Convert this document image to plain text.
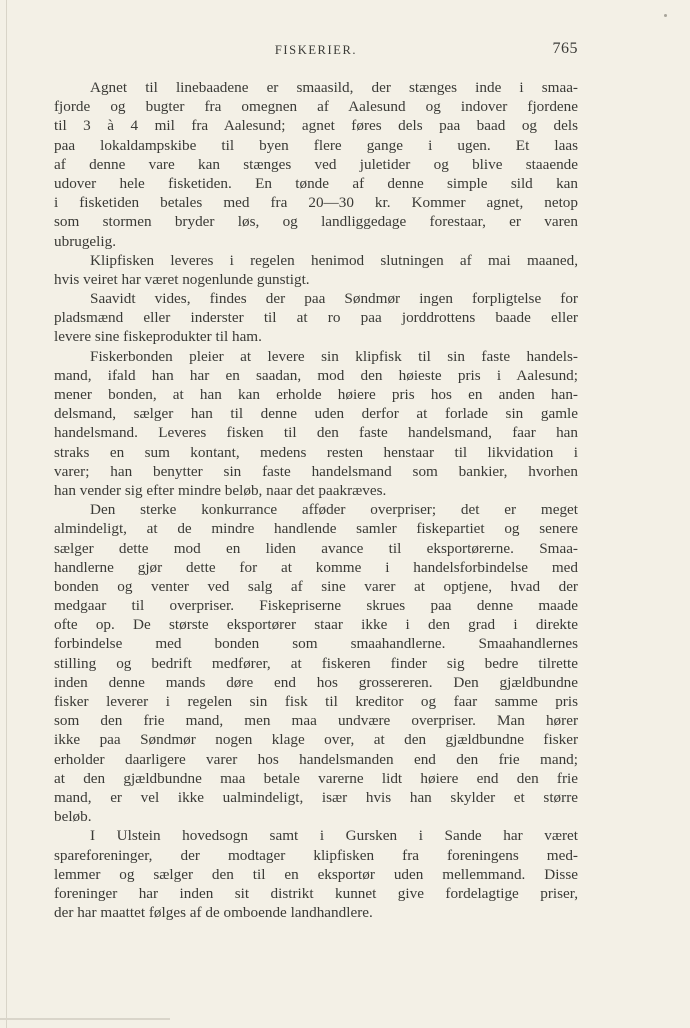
FISKERIER.	765
Agnet til linebaadene er smaasild, der stænges inde i smaa-
fjorde og bugter fra omegnen af Aalesund og indover fjordene
til 3 à 4 mil fra Aalesund; agnet føres dels paa baad og dels
paa lokaldampskibe til byen flere gange i ugen. Et laas
af denne vare kan stænges ved juletider og blive staaende
udover hele fisketiden. En tønde af denne simple sild kan
i fisketiden betales med fra 20—30 kr. Kommer agnet, netop
som stormen bryder løs, og landliggedage forestaar, er varen
ubrugelig.
Klipfisken leveres i regelen henimod slutningen af mai maaned,
hvis veiret har været nogenlunde gunstigt.
Saavidt vides, findes der paa Søndmør ingen forpligtelse for
pladsmænd eller inderster til at ro paa jorddrottens baade eller
levere sine fiskeprodukter til ham.
Fiskerbonden pleier at levere sin klipfisk til sin faste handels-
mand, ifald han har en saadan, mod den høieste pris i Aalesund;
mener bonden, at han kan erholde høiere pris hos en anden han-
delsmand, sælger han til denne uden derfor at forlade sin gamle
handelsmand. Leveres fisken til den faste handelsmand, faar han
straks en sum kontant, medens resten henstaar til likvidation i
varer; han benytter sin faste handelsmand som bankier, hvorhen
han vender sig efter mindre beløb, naar det paakræves.
Den sterke konkurrance afføder overpriser; det er meget
almindeligt, at de mindre handlende samler fiskepartiet og senere
sælger dette mod en liden avance til eksportørerne. Smaa-
handlerne gjør dette for at komme i handelsforbindelse med
bonden og venter ved salg af sine varer at optjene, hvad der
medgaar til overpriser. Fiskepriserne skrues paa denne maade
ofte op. De største eksportører staar ikke i den grad i direkte
forbindelse med bonden som smaahandlerne. Smaahandlernes
stilling og bedrift medfører, at fiskeren finder sig bedre tilrette
inden denne mands døre end hos grossereren. Den gjældbundne
fisker leverer i regelen sin fisk til kreditor og faar samme pris
som den frie mand, men maa undvære overpriser. Man hører
ikke paa Søndmør nogen klage over, at den gjældbundne fisker
erholder daarligere varer hos handelsmanden end den frie mand;
at den gjældbundne maa betale varerne lidt høiere end den frie
mand, er vel ikke ualmindeligt, især hvis han skylder et større
beløb.
I Ulstein hovedsogn samt i Gursken i Sande har været
spareforeninger, der modtager klipfisken fra foreningens med-
lemmer og sælger den til en eksportør uden mellemmand. Disse
foreninger har inden sit distrikt kunnet give fordelagtige priser,
der har maattet følges af de omboende landhandlere.
